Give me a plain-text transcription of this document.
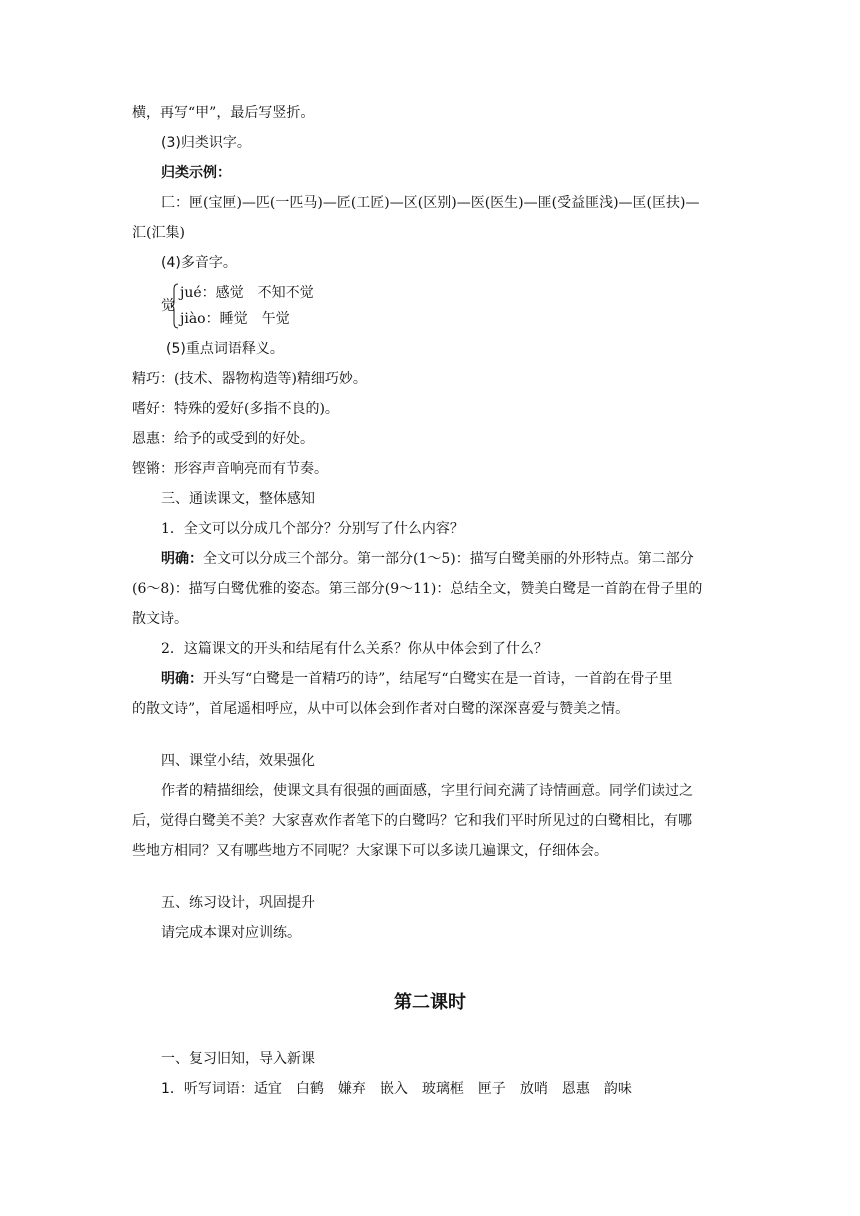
横，再写“甲”，最后写竖折。
(3)归类识字。
归类示例：
匚：匣(宝匣)—匹(一匹马)—匠(工匠)—区(区别)—医(医生)—匪(受益匪浅)—匡(匡扶)—
汇(汇集)
(4)多音字。
觉
jué：感觉　不知不觉
jiào：睡觉　午觉
(5)重点词语释义。
精巧：(技术、器物构造等)精细巧妙。
嗜好：特殊的爱好(多指不良的)。
恩惠：给予的或受到的好处。
铿锵：形容声音响亮而有节奏。
三、通读课文，整体感知
1．全文可以分成几个部分？分别写了什么内容？
明确：全文可以分成三个部分。第一部分(1～5)：描写白鹭美丽的外形特点。第二部分
(6～8)：描写白鹭优雅的姿态。第三部分(9～11)：总结全文，赞美白鹭是一首韵在骨子里的
散文诗。
2．这篇课文的开头和结尾有什么关系？你从中体会到了什么？
明确：开头写“白鹭是一首精巧的诗”，结尾写“白鹭实在是一首诗，一首韵在骨子里
的散文诗”，首尾遥相呼应，从中可以体会到作者对白鹭的深深喜爱与赞美之情。
四、课堂小结，效果强化
作者的精描细绘，使课文具有很强的画面感，字里行间充满了诗情画意。同学们读过之
后，觉得白鹭美不美？大家喜欢作者笔下的白鹭吗？它和我们平时所见过的白鹭相比，有哪
些地方相同？又有哪些地方不同呢？大家课下可以多读几遍课文，仔细体会。
五、练习设计，巩固提升
请完成本课对应训练。
第二课时
一、复习旧知，导入新课
1．听写词语：适宜　白鹤　嫌弃　嵌入　玻璃框　匣子　放哨　恩惠　韵味
